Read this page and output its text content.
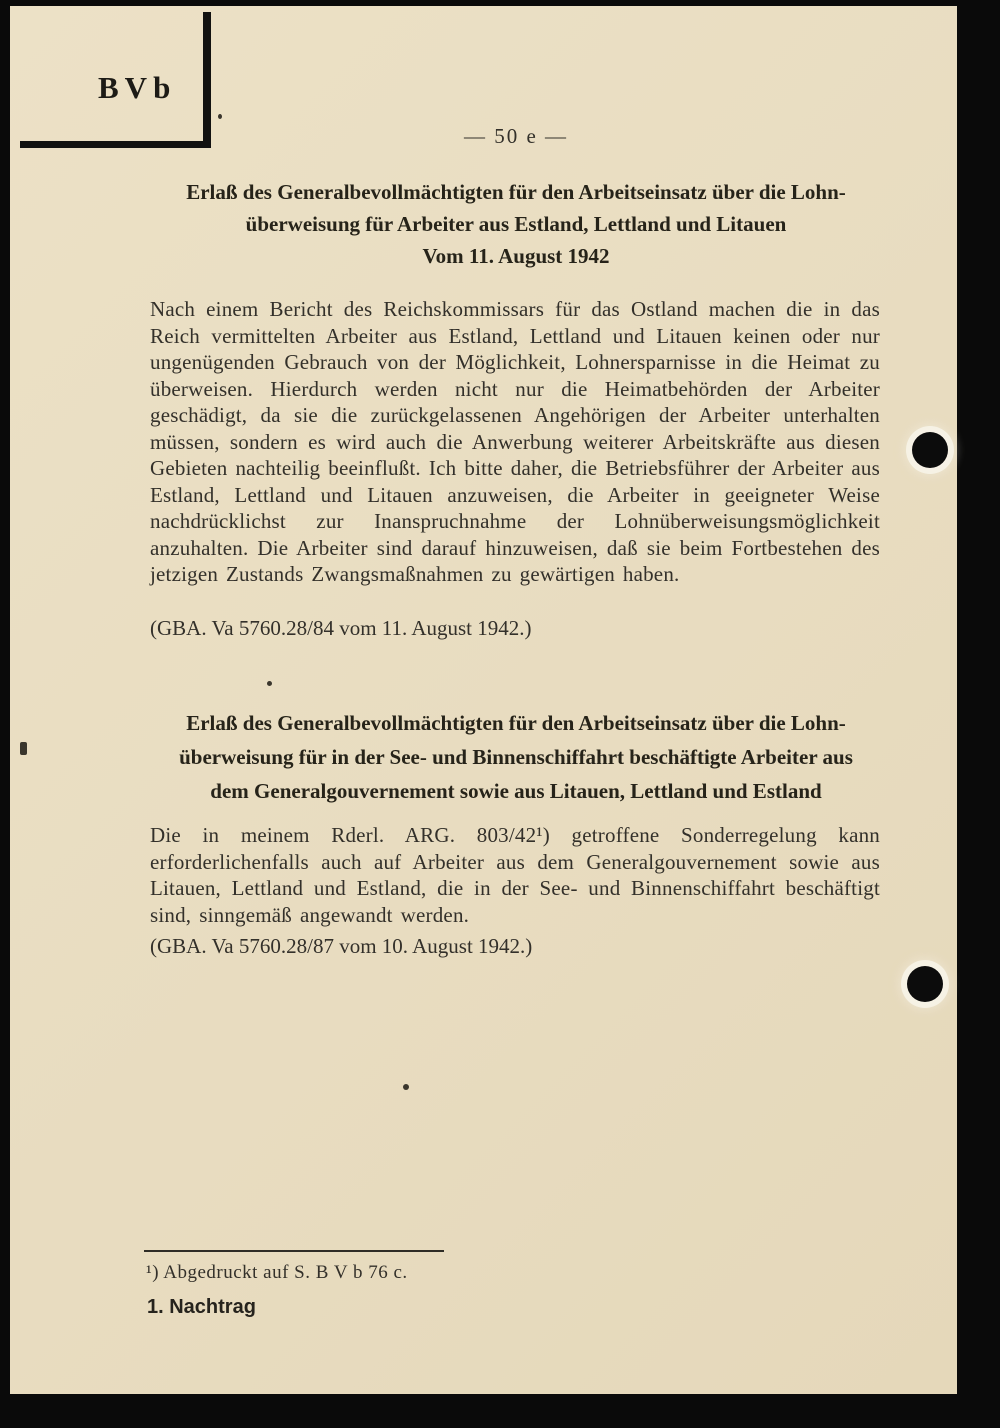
BVb
— 50 e —
Erlaß des Generalbevollmächtigten für den Arbeitseinsatz über die Lohn-
überweisung für Arbeiter aus Estland, Lettland und Litauen
Vom 11. August 1942
Nach einem Bericht des Reichskommissars für das Ostland machen die in das Reich vermittelten Arbeiter aus Estland, Lettland und Litauen keinen oder nur ungenügenden Gebrauch von der Möglichkeit, Lohnersparnisse in die Heimat zu überweisen. Hierdurch werden nicht nur die Heimatbehörden der Arbeiter geschädigt, da sie die zurückgelassenen Angehörigen der Arbeiter unterhalten müssen, sondern es wird auch die Anwerbung weiterer Arbeitskräfte aus diesen Gebieten nachteilig beeinflußt. Ich bitte daher, die Betriebsführer der Arbeiter aus Estland, Lettland und Litauen anzuweisen, die Arbeiter in geeigneter Weise nachdrücklichst zur Inanspruchnahme der Lohnüberweisungsmöglichkeit anzuhalten. Die Arbeiter sind darauf hinzuweisen, daß sie beim Fortbestehen des jetzigen Zustands Zwangsmaßnahmen zu gewärtigen haben.
(GBA. Va 5760.28/84 vom 11. August 1942.)
Erlaß des Generalbevollmächtigten für den Arbeitseinsatz über die Lohn-
überweisung für in der See- und Binnenschiffahrt beschäftigte Arbeiter aus
dem Generalgouvernement sowie aus Litauen, Lettland und Estland
Die in meinem Rderl. ARG. 803/42¹) getroffene Sonderregelung kann erforderlichenfalls auch auf Arbeiter aus dem Generalgouvernement sowie aus Litauen, Lettland und Estland, die in der See- und Binnenschiffahrt beschäftigt sind, sinngemäß angewandt werden.
(GBA. Va 5760.28/87 vom 10. August 1942.)
¹) Abgedruckt auf S. B V b 76 c.
1. Nachtrag
